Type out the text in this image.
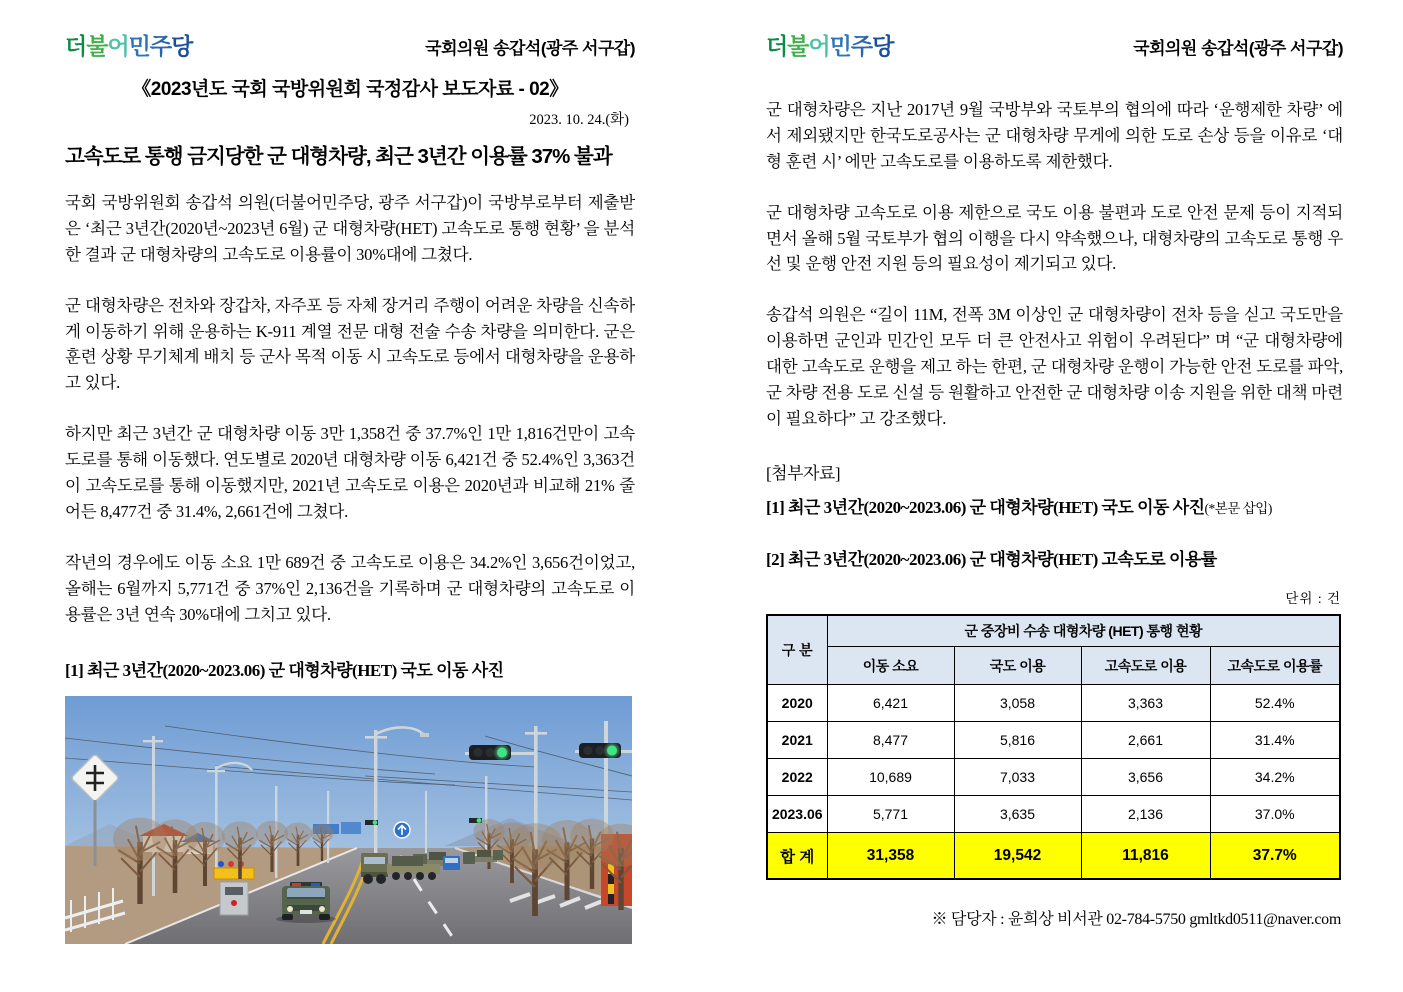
더불어민주당	국회의원 송갑석(광주 서구갑)
《2023년도 국회 국방위원회 국정감사 보도자료 - 02》
2023. 10. 24.(화)
고속도로 통행 금지당한 군 대형차량, 최근 3년간 이용률 37% 불과

국회 국방위원회 송갑석 의원(더불어민주당, 광주 서구갑)이 국방부로부터 제출받은 ‘최근 3년간(2020년~2023년 6월) 군 대형차량(HET) 고속도로 통행 현황’ 을 분석한 결과 군 대형차량의 고속도로 이용률이 30%대에 그쳤다.

군 대형차량은 전차와 장갑차, 자주포 등 자체 장거리 주행이 어려운 차량을 신속하게 이동하기 위해 운용하는 K-911 계열 전문 대형 전술 수송 차량을 의미한다. 군은 훈련 상황 무기체계 배치 등 군사 목적 이동 시 고속도로 등에서 대형차량을 운용하고 있다.

하지만 최근 3년간 군 대형차량 이동 3만 1,358건 중 37.7%인 1만 1,816건만이 고속도로를 통해 이동했다. 연도별로 2020년 대형차량 이동 6,421건 중 52.4%인 3,363건이 고속도로를 통해 이동했지만, 2021년 고속도로 이용은 2020년과 비교해 21% 줄어든 8,477건 중 31.4%, 2,661건에 그쳤다.

작년의 경우에도 이동 소요 1만 689건 중 고속도로 이용은 34.2%인 3,656건이었고, 올해는 6월까지 5,771건 중 37%인 2,136건을 기록하며 군 대형차량의 고속도로 이용률은 3년 연속 30%대에 그치고 있다.

[1] 최근 3년간(2020~2023.06) 군 대형차량(HET) 국도 이동 사진
더불어민주당	국회의원 송갑석(광주 서구갑)

군 대형차량은 지난 2017년 9월 국방부와 국토부의 협의에 따라 ‘운행제한 차량’ 에서 제외됐지만 한국도로공사는 군 대형차량 무게에 의한 도로 손상 등을 이유로 ‘대형 훈련 시’ 에만 고속도로를 이용하도록 제한했다.

군 대형차량 고속도로 이용 제한으로 국도 이용 불편과 도로 안전 문제 등이 지적되면서 올해 5월 국토부가 협의 이행을 다시 약속했으나, 대형차량의 고속도로 통행 우선 및 운행 안전 지원 등의 필요성이 제기되고 있다.

송갑석 의원은 “길이 11M, 전폭 3M 이상인 군 대형차량이 전차 등을 싣고 국도만을 이용하면 군인과 민간인 모두 더 큰 안전사고 위험이 우려된다” 며 “군 대형차량에 대한 고속도로 운행을 제고 하는 한편, 군 대형차량 운행이 가능한 안전 도로를 파악, 군 차량 전용 도로 신설 등 원활하고 안전한 군 대형차량 이송 지원을 위한 대책 마련이 필요하다” 고 강조했다.

[첨부자료]
[1] 최근 3년간(2020~2023.06) 군 대형차량(HET) 국도 이동 사진(*본문 삽입)
[2] 최근 3년간(2020~2023.06) 군 대형차량(HET) 고속도로 이용률
단위 : 건
구 분	군 중장비 수송 대형차량 (HET) 통행 현황			
	이동 소요	국도 이용	고속도로 이용	고속도로 이용률
2020	6,421	3,058	3,363	52.4%
2021	8,477	5,816	2,661	31.4%
2022	10,689	7,033	3,656	34.2%
2023.06	5,771	3,635	2,136	37.0%
합 계	31,358	19,542	11,816	37.7%
※ 담당자 : 윤희상 비서관 02-784-5750 gmltkd0511@naver.com
